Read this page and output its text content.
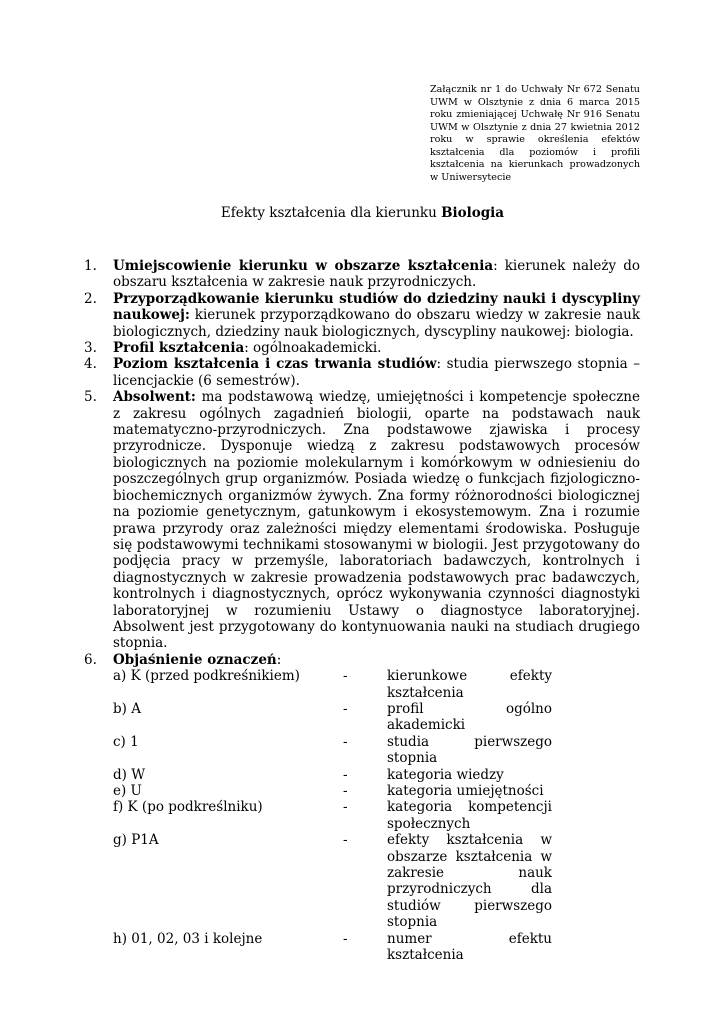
Załącznik nr 1 do Uchwały Nr 672 Senatu UWM w Olsztynie z dnia 6 marca 2015 roku zmieniającej Uchwałę Nr 916 Senatu UWM w Olsztynie z dnia 27 kwietnia 2012 roku w sprawie określenia efektów kształcenia dla poziomów i profili kształcenia na kierunkach prowadzonych w Uniwersytecie
Efekty kształcenia dla kierunku Biologia
1.	Umiejscowienie kierunku w obszarze kształcenia: kierunek należy do obszaru kształcenia w zakresie nauk przyrodniczych.
2.	Przyporządkowanie kierunku studiów do dziedziny nauki i dyscypliny naukowej: kierunek przyporządkowano do obszaru wiedzy w zakresie nauk biologicznych, dziedziny nauk biologicznych, dyscypliny naukowej: biologia.
3.	Profil kształcenia: ogólnoakademicki.
4.	Poziom kształcenia i czas trwania studiów: studia pierwszego stopnia – licencjackie (6 semestrów).
5.	Absolwent: ma podstawową wiedzę, umiejętności i kompetencje społeczne z zakresu ogólnych zagadnień biologii, oparte na podstawach nauk matematyczno-przyrodniczych. Zna podstawowe zjawiska i procesy przyrodnicze. Dysponuje wiedzą z zakresu podstawowych procesów biologicznych na poziomie molekularnym i komórkowym w odniesieniu do poszczególnych grup organizmów. Posiada wiedzę o funkcjach fizjologiczno-biochemicznych organizmów żywych. Zna formy różnorodności biologicznej na poziomie genetycznym, gatunkowym i ekosystemowym. Zna i rozumie prawa przyrody oraz zależności między elementami środowiska. Posługuje się podstawowymi technikami stosowanymi w biologii. Jest przygotowany do podjęcia pracy w przemyśle, laboratoriach badawczych, kontrolnych i diagnostycznych w zakresie prowadzenia podstawowych prac badawczych, kontrolnych i diagnostycznych, oprócz wykonywania czynności diagnostyki laboratoryjnej w rozumieniu Ustawy o diagnostyce laboratoryjnej. Absolwent jest przygotowany do kontynuowania nauki na studiach drugiego stopnia.
6.	Objaśnienie oznaczeń:
a) K (przed podkreśnikiem)	-	kierunkowe efekty kształcenia
b) A	-	profil ogólno akademicki
c) 1	-	studia pierwszego stopnia
d) W	-	kategoria wiedzy
e) U	-	kategoria umiejętności
f) K (po podkreślniku)	-	kategoria kompetencji społecznych
g) P1A	-	efekty kształcenia w obszarze kształcenia w zakresie nauk przyrodniczych dla studiów pierwszego stopnia
h) 01, 02, 03 i kolejne	-	numer efektu kształcenia
